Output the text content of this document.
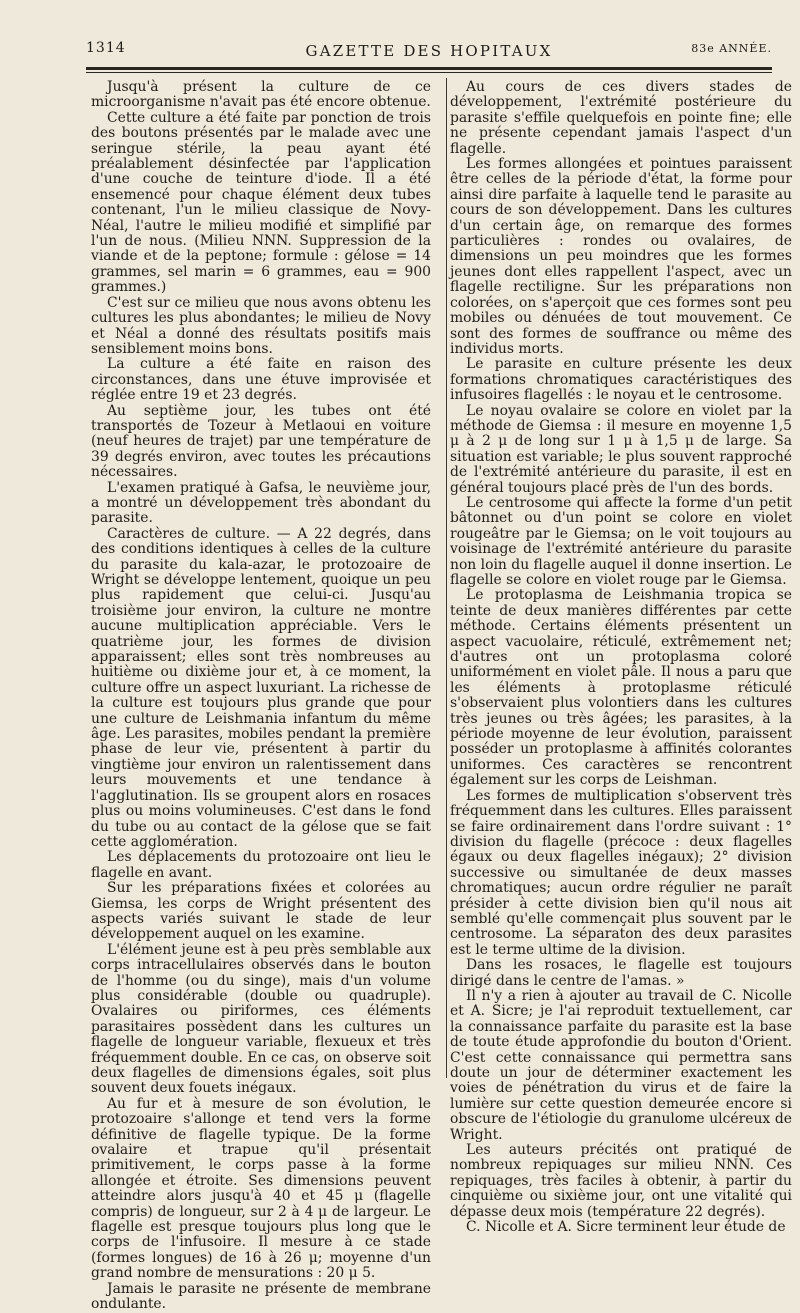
1314	GAZETTE DES HOPITAUX	83e ANNÉE.

Jusqu'à présent la culture de ce microorganisme n'avait pas été encore obtenue.

Cette culture a été faite par ponction de trois des boutons présentés par le malade avec une seringue stérile, la peau ayant été préalablement désinfectée par l'application d'une couche de teinture d'iode. Il a été ensemencé pour chaque élément deux tubes contenant, l'un le milieu classique de Novy-Néal, l'autre le milieu modifié et simplifié par l'un de nous. (Milieu NNN. Suppression de la viande et de la peptone; formule : gélose = 14 grammes, sel marin = 6 grammes, eau = 900 grammes.)

C'est sur ce milieu que nous avons obtenu les cultures les plus abondantes; le milieu de Novy et Néal a donné des résultats positifs mais sensiblement moins bons.

La culture a été faite en raison des circonstances, dans une étuve improvisée et réglée entre 19 et 23 degrés.

Au septième jour, les tubes ont été transportés de Tozeur à Metlaoui en voiture (neuf heures de trajet) par une température de 39 degrés environ, avec toutes les précautions nécessaires.

L'examen pratiqué à Gafsa, le neuvième jour, a montré un développement très abondant du parasite.

Caractères de culture. — A 22 degrés, dans des conditions identiques à celles de la culture du parasite du kala-azar, le protozoaire de Wright se développe lentement, quoique un peu plus rapidement que celui-ci. Jusqu'au troisième jour environ, la culture ne montre aucune multiplication appréciable. Vers le quatrième jour, les formes de division apparaissent; elles sont très nombreuses au huitième ou dixième jour et, à ce moment, la culture offre un aspect luxuriant. La richesse de la culture est toujours plus grande que pour une culture de Leishmania infantum du même âge. Les parasites, mobiles pendant la première phase de leur vie, présentent à partir du vingtième jour environ un ralentissement dans leurs mouvements et une tendance à l'agglutination. Ils se groupent alors en rosaces plus ou moins volumineuses. C'est dans le fond du tube ou au contact de la gélose que se fait cette agglomération.

Les déplacements du protozoaire ont lieu le flagelle en avant.

Sur les préparations fixées et colorées au Giemsa, les corps de Wright présentent des aspects variés suivant le stade de leur développement auquel on les examine.

L'élément jeune est à peu près semblable aux corps intracellulaires observés dans le bouton de l'homme (ou du singe), mais d'un volume plus considérable (double ou quadruple). Ovalaires ou piriformes, ces éléments parasitaires possèdent dans les cultures un flagelle de longueur variable, flexueux et très fréquemment double. En ce cas, on observe soit deux flagelles de dimensions égales, soit plus souvent deux fouets inégaux.

Au fur et à mesure de son évolution, le protozoaire s'allonge et tend vers la forme définitive de flagelle typique. De la forme ovalaire et trapue qu'il présentait primitivement, le corps passe à la forme allongée et étroite. Ses dimensions peuvent atteindre alors jusqu'à 40 et 45 μ (flagelle compris) de longueur, sur 2 à 4 μ de largeur. Le flagelle est presque toujours plus long que le corps de l'infusoire. Il mesure à ce stade (formes longues) de 16 à 26 μ; moyenne d'un grand nombre de mensurations : 20 μ 5.

Jamais le parasite ne présente de membrane ondulante.

Au cours de ces divers stades de développement, l'extrémité postérieure du parasite s'effile quelquefois en pointe fine; elle ne présente cependant jamais l'aspect d'un flagelle.

Les formes allongées et pointues paraissent être celles de la période d'état, la forme pour ainsi dire parfaite à laquelle tend le parasite au cours de son développement. Dans les cultures d'un certain âge, on remarque des formes particulières : rondes ou ovalaires, de dimensions un peu moindres que les formes jeunes dont elles rappellent l'aspect, avec un flagelle rectiligne. Sur les préparations non colorées, on s'aperçoit que ces formes sont peu mobiles ou dénuées de tout mouvement. Ce sont des formes de souffrance ou même des individus morts.

Le parasite en culture présente les deux formations chromatiques caractéristiques des infusoires flagellés : le noyau et le centrosome.

Le noyau ovalaire se colore en violet par la méthode de Giemsa : il mesure en moyenne 1,5 μ à 2 μ de long sur 1 μ à 1,5 μ de large. Sa situation est variable; le plus souvent rapproché de l'extrémité antérieure du parasite, il est en général toujours placé près de l'un des bords.

Le centrosome qui affecte la forme d'un petit bâtonnet ou d'un point se colore en violet rougeâtre par le Giemsa; on le voit toujours au voisinage de l'extrémité antérieure du parasite non loin du flagelle auquel il donne insertion. Le flagelle se colore en violet rouge par le Giemsa.

Le protoplasma de Leishmania tropica se teinte de deux manières différentes par cette méthode. Certains éléments présentent un aspect vacuolaire, réticulé, extrêmement net; d'autres ont un protoplasma coloré uniformément en violet pâle. Il nous a paru que les éléments à protoplasme réticulé s'observaient plus volontiers dans les cultures très jeunes ou très âgées; les parasites, à la période moyenne de leur évolution, paraissent posséder un protoplasme à affinités colorantes uniformes. Ces caractères se rencontrent également sur les corps de Leishman.

Les formes de multiplication s'observent très fréquemment dans les cultures. Elles paraissent se faire ordinairement dans l'ordre suivant : 1° division du flagelle (précoce : deux flagelles égaux ou deux flagelles inégaux); 2° division successive ou simultanée de deux masses chromatiques; aucun ordre régulier ne paraît présider à cette division bien qu'il nous ait semblé qu'elle commençait plus souvent par le centrosome. La séparaton des deux parasites est le terme ultime de la division.

Dans les rosaces, le flagelle est toujours dirigé dans le centre de l'amas. »

Il n'y a rien à ajouter au travail de C. Nicolle et A. Sicre; je l'ai reproduit textuellement, car la connaissance parfaite du parasite est la base de toute étude approfondie du bouton d'Orient. C'est cette connaissance qui permettra sans doute un jour de déterminer exactement les voies de pénétration du virus et de faire la lumière sur cette question demeurée encore si obscure de l'étiologie du granulome ulcéreux de Wright.

Les auteurs précités ont pratiqué de nombreux repiquages sur milieu NNN. Ces repiquages, très faciles à obtenir, à partir du cinquième ou sixième jour, ont une vitalité qui dépasse deux mois (température 22 degrés).

C. Nicolle et A. Sicre terminent leur étude de
